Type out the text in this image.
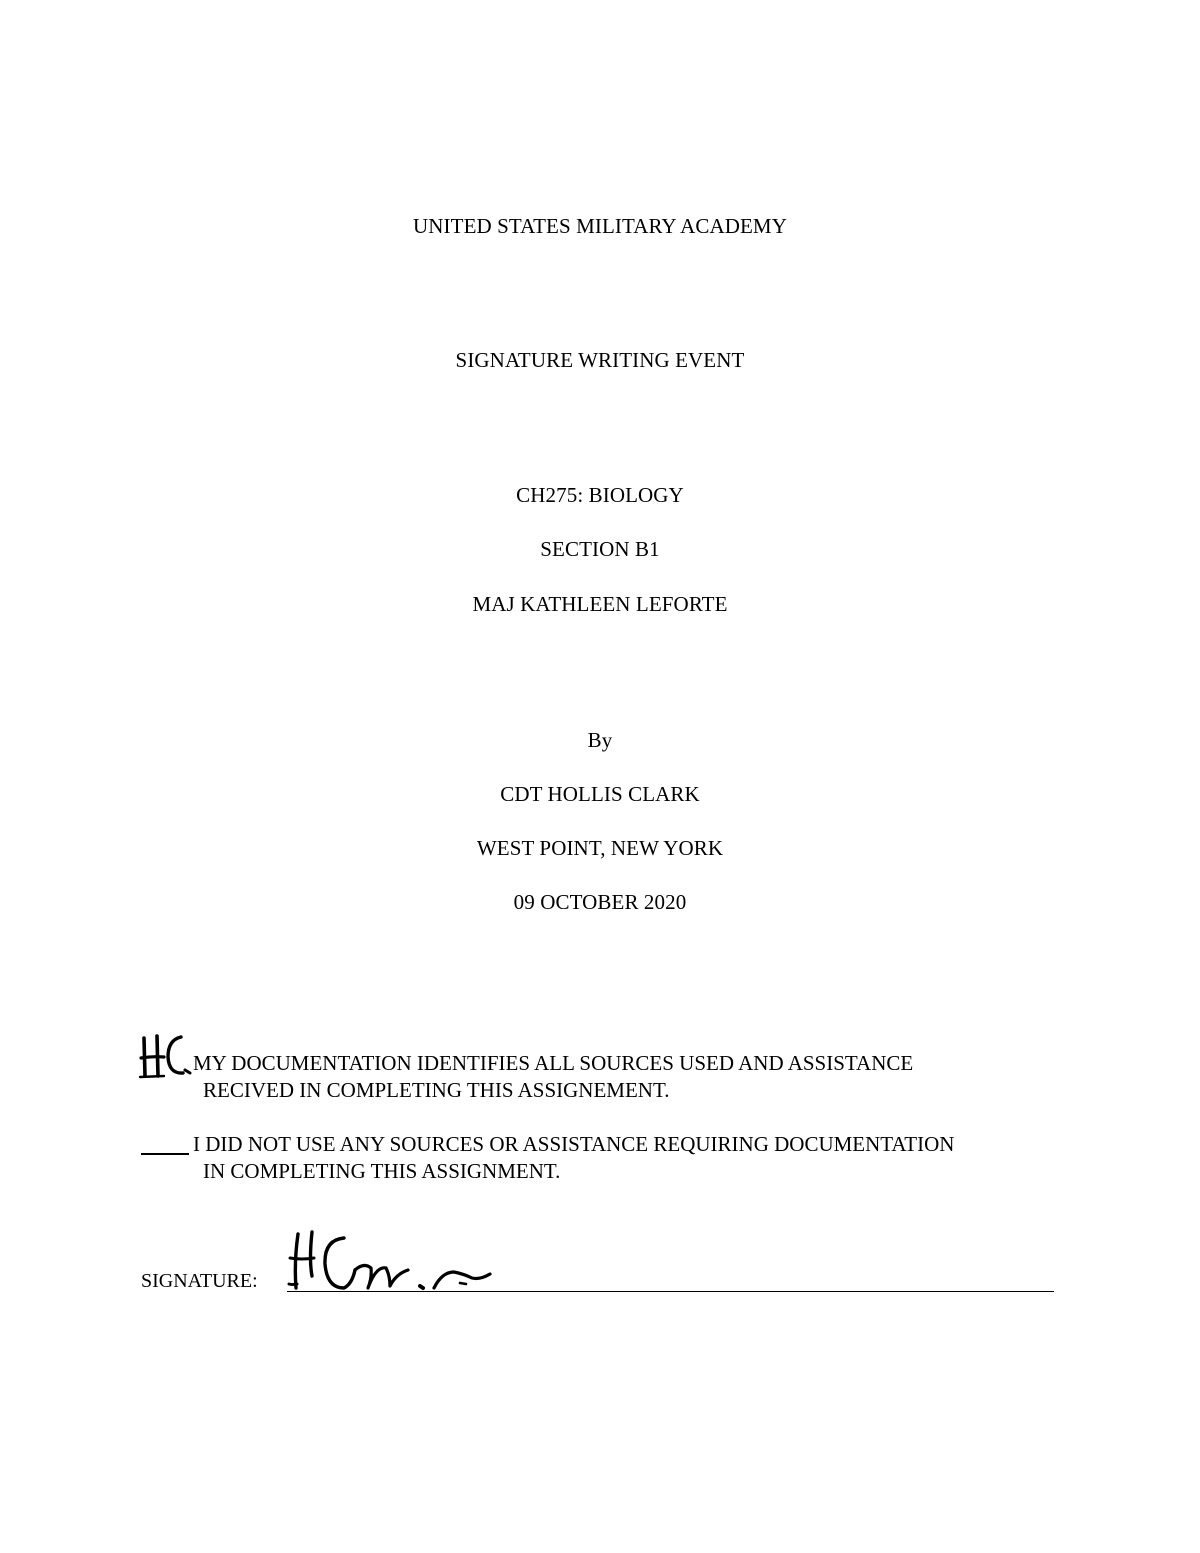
UNITED STATES MILITARY ACADEMY
SIGNATURE WRITING EVENT
CH275: BIOLOGY
SECTION B1
MAJ KATHLEEN LEFORTE
By
CDT HOLLIS CLARK
WEST POINT, NEW YORK
09 OCTOBER 2020
MY DOCUMENTATION IDENTIFIES ALL SOURCES USED AND ASSISTANCE
RECIVED IN COMPLETING THIS ASSIGNEMENT.
I DID NOT USE ANY SOURCES OR ASSISTANCE REQUIRING DOCUMENTATION
IN COMPLETING THIS ASSIGNMENT.
SIGNATURE:
